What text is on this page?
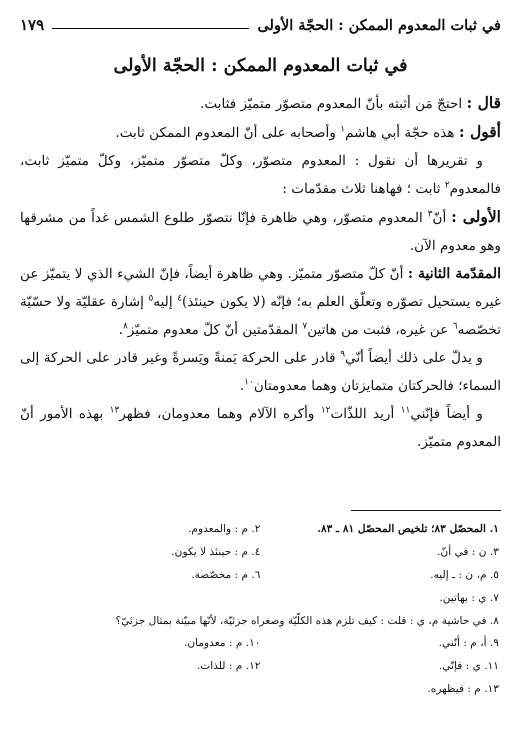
في ثبات المعدوم الممكن : الحجّة الأولى
١٧٩
في ثبات المعدوم الممكن : الحجّة الأولى

قال : احتجّ مَن أثبته بأنّ المعدوم متصوّر متميّز فثابت.

أقول : هذه حجّة أبي هاشم$^١$ وأصحابه على أنّ المعدوم الممكن ثابت.

و تقريرها أن نقول : المعدوم متصوّر، وكلّ متصوّر متميّز، وكلّ متميّز ثابت، فالمعدوم$^٢$ ثابت ؛ فهاهنا ثلاث مقدّمات :

الأولى : أنّ$^٣$ المعدوم متصوّر، وهي ظاهرة فإنّا نتصوّر طلوع الشمس غداً من مشرقها وهو معدوم الآن.

المقدّمة الثانية : أنّ كلّ متصوّر متميّز. وهي ظاهرة أيضاً، فإنّ الشيء الذي لا يتميّز عن غيره يستحيل تصوّره وتعلّق العلم به؛ فإنّه (لا يكون حينئذ)$^٤$ إليه$^٥$ إشارة عقليّة ولا حسّيّة تخصّصه$^٦$ عن غيره، فثبت من هاتين$^٧$ المقدّمتين أنّ كلّ معدوم متميّز$^٨$.

و يدلّ على ذلك أيضاً أنّي$^٩$ قادر على الحركة يَمنةً ويَسرةً وغير قادر على الحركة إلى السماء؛ فالحركتان متمايزتان وهما معدومتان$^{١٠}$.

و أيضاً فإنّني$^{١١}$ أريد اللذّات$^{١٢}$ وأكره الآلام وهما معدومان، فظهر$^{١٣}$ بهذه الأمور أنّ المعدوم متميّز.

١. المحصّل ٨٣؛ تلخيص المحصّل ٨١ ـ ٨٣.
٢. م : والمعدوم.
٣. ن : في أنّ.
٤. م : حينئذ لا يكون.
٥. م، ن : ـ إليه.
٦. م : مخصّصة.
٧. ي : بهاتين.
٨. في حاشية م، ي : قلت : كيف تلزم هذه الكلّيّة وصغراه جزئيّة، لأنّها مبيّنة بمثال جزئيّ؟
٩. أ، م : أنّني.
١٠. م : معدومان.
١١. ي : فإنّي.
١٢. م : للذات.
١٣. م : فيظهره.
